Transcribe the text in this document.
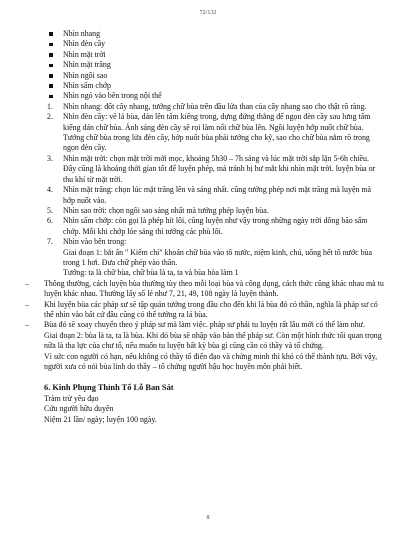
72/132
Nhìn nhang
Nhìn đèn cầy
Nhìn mặt trời
Nhìn mặt trăng
Nhìn ngôi sao
Nhìn sấm chớp
Nhìn ngó vào bên trong nội thể
1. Nhìn nhang: đốt cây nhang, tướng chữ bùa trên đầu lửa than của cây nhang sao cho thật rõ ràng.

2. Nhìn đèn cầy: vẽ lá bùa, dán lên tấm kiếng trong, dựng đứng thẳng để ngọn đèn cầy sau lưng tấm kiếng dán chữ bùa. Ánh sáng đèn cầy sẽ rọi làm nổi chữ bùa lên. Ngồi luyện hớp nuốt chữ bùa.

Tướng chữ bùa trong lửa đèn cầy, hớp nuốt bùa phải tướng cho kỹ, sao cho chữ bùa nằm rõ trong ngọn đèn cầy.

3. Nhìn mặt trời: chọn mặt trời mới mọc, khoảng 5h30 – 7h sáng và lúc mặt trời sắp lặn 5-6h chiều.

Đây cũng là khoảng thời gian tốt để luyện phép, mà tránh bị hư mắt khi nhìn mặt trời. luyện bùa or thu khí từ mặt trời.

4. Nhìn mặt trăng: chọn lúc mặt trăng lên và sáng nhất. cũng tướng phép nơi mặt trăng mà luyện mà hớp nuốt vào.

5. Nhìn sao trời: chọn ngôi sao sáng nhất mà tướng phép luyện bùa.

6. Nhìn sấm chớp: còn gọi là phép hít lôi, cũng luyện như vậy trong những ngày trời dông bão sấm chớp. Mỗi khi chớp lóe sáng thì tướng các phù lôi.

7. Nhìn vào bên trong:

Giai đoạn 1: bắt ấn " Kiếm chỉ" khoán chữ bùa vào tô nước, niệm kinh, chú, uống hết tô nước bùa trong 1 hơi. Đưa chữ phép vào thân.

Tướng: ta là chữ bùa, chữ bùa là ta, ta và bùa hòa làm 1

– Thông thường, cách luyện bùa thường tùy theo mỗi loại bùa và công dụng, cách thức cũng khác nhau mà tu luyện khác nhau. Thường lấy số lẻ như 7, 21, 49, 108 ngày là luyện thành.
– Khi luyện bùa các pháp sư sẽ tập quán tướng trong đầu cho đến khi lá bùa đó có thần, nghĩa là pháp sư có thể nhìn vào bất cứ đâu cũng có thể tướng ra lá bùa.
– Bùa đó sẽ xoay chuyển theo ý pháp sư mà làm việc. pháp sư phải tu luyện rất lâu mới có thể làm như.

Giai đoạn 2: bùa là ta, ta là bùa. Khi đó bùa sẽ nhập vào bản thể pháp sư. Còn một hình thức tối quan trọng nữa là tha lực của chư tổ, nếu muốn tu luyện bất kỳ bùa gì cũng cần có thầy và tổ chứng.

Vì sức con người có hạn, nếu không có thầy tổ điển đạo và chứng minh thì khó có thể thành tựu. Bởi vậy, người xưa có nói bùa linh do thầy – tổ chứng người hậu học huyền môn phải biết.

6. Kinh Phụng Thỉnh Tổ Lỗ Ban Sát

Tràm trừ yêu đạo

Cứu người hữu duyên

Niệm 21 lần/ ngày; luyện 100 ngày.

8
